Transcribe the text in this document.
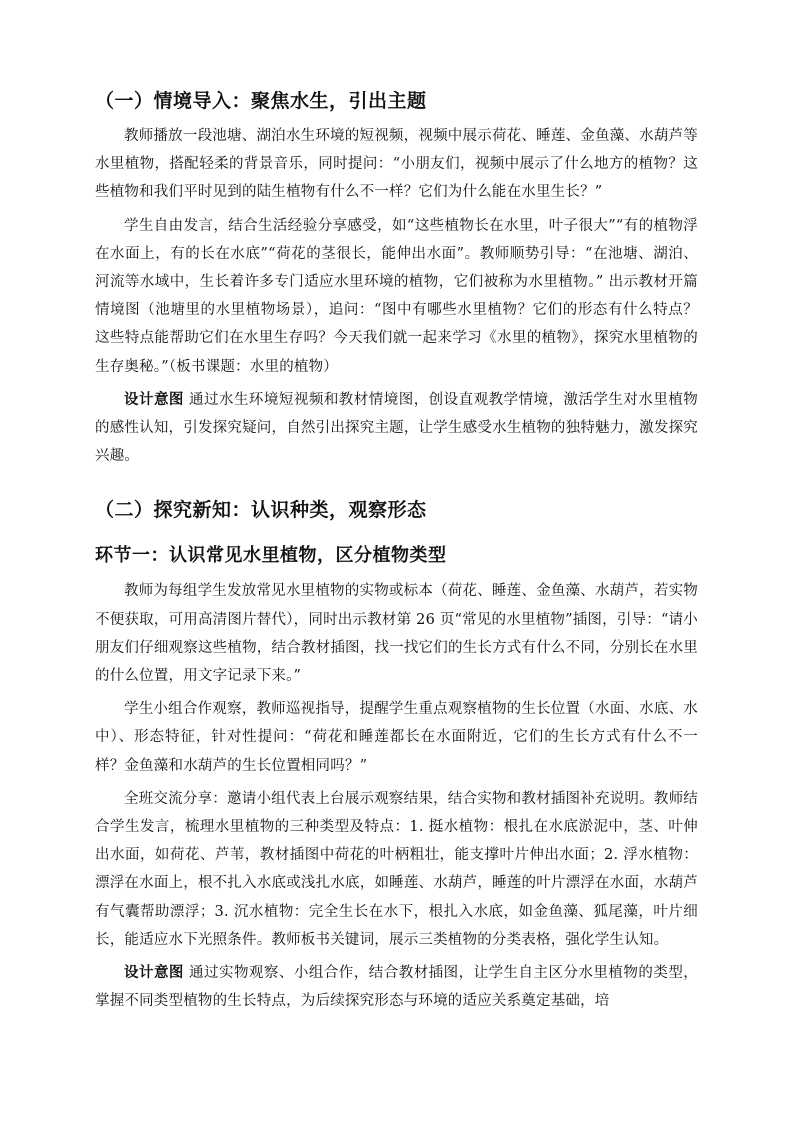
（一）情境导入：聚焦水生，引出主题

教师播放一段池塘、湖泊水生环境的短视频，视频中展示荷花、睡莲、金鱼藻、水葫芦等水里植物，搭配轻柔的背景音乐，同时提问：“小朋友们，视频中展示了什么地方的植物？这些植物和我们平时见到的陆生植物有什么不一样？它们为什么能在水里生长？”

学生自由发言，结合生活经验分享感受，如“这些植物长在水里，叶子很大”“有的植物浮在水面上，有的长在水底”“荷花的茎很长，能伸出水面”。教师顺势引导：“在池塘、湖泊、河流等水域中，生长着许多专门适应水里环境的植物，它们被称为水里植物。” 出示教材开篇情境图（池塘里的水里植物场景），追问：“图中有哪些水里植物？它们的形态有什么特点？这些特点能帮助它们在水里生存吗？今天我们就一起来学习《水里的植物》，探究水里植物的生存奥秘。”（板书课题：水里的植物）

设计意图 通过水生环境短视频和教材情境图，创设直观教学情境，激活学生对水里植物的感性认知，引发探究疑问，自然引出探究主题，让学生感受水生植物的独特魅力，激发探究兴趣。

（二）探究新知：认识种类，观察形态
环节一：认识常见水里植物，区分植物类型

教师为每组学生发放常见水里植物的实物或标本（荷花、睡莲、金鱼藻、水葫芦，若实物不便获取，可用高清图片替代），同时出示教材第 26 页“常见的水里植物”插图，引导：“请小朋友们仔细观察这些植物，结合教材插图，找一找它们的生长方式有什么不同，分别长在水里的什么位置，用文字记录下来。”

学生小组合作观察，教师巡视指导，提醒学生重点观察植物的生长位置（水面、水底、水中）、形态特征，针对性提问：“荷花和睡莲都长在水面附近，它们的生长方式有什么不一样？金鱼藻和水葫芦的生长位置相同吗？”

全班交流分享：邀请小组代表上台展示观察结果，结合实物和教材插图补充说明。教师结合学生发言，梳理水里植物的三种类型及特点：1. 挺水植物：根扎在水底淤泥中，茎、叶伸出水面，如荷花、芦苇，教材插图中荷花的叶柄粗壮，能支撑叶片伸出水面；2. 浮水植物：漂浮在水面上，根不扎入水底或浅扎水底，如睡莲、水葫芦，睡莲的叶片漂浮在水面，水葫芦有气囊帮助漂浮；3. 沉水植物：完全生长在水下，根扎入水底，如金鱼藻、狐尾藻，叶片细长，能适应水下光照条件。教师板书关键词，展示三类植物的分类表格，强化学生认知。

设计意图 通过实物观察、小组合作，结合教材插图，让学生自主区分水里植物的类型，掌握不同类型植物的生长特点，为后续探究形态与环境的适应关系奠定基础，培
